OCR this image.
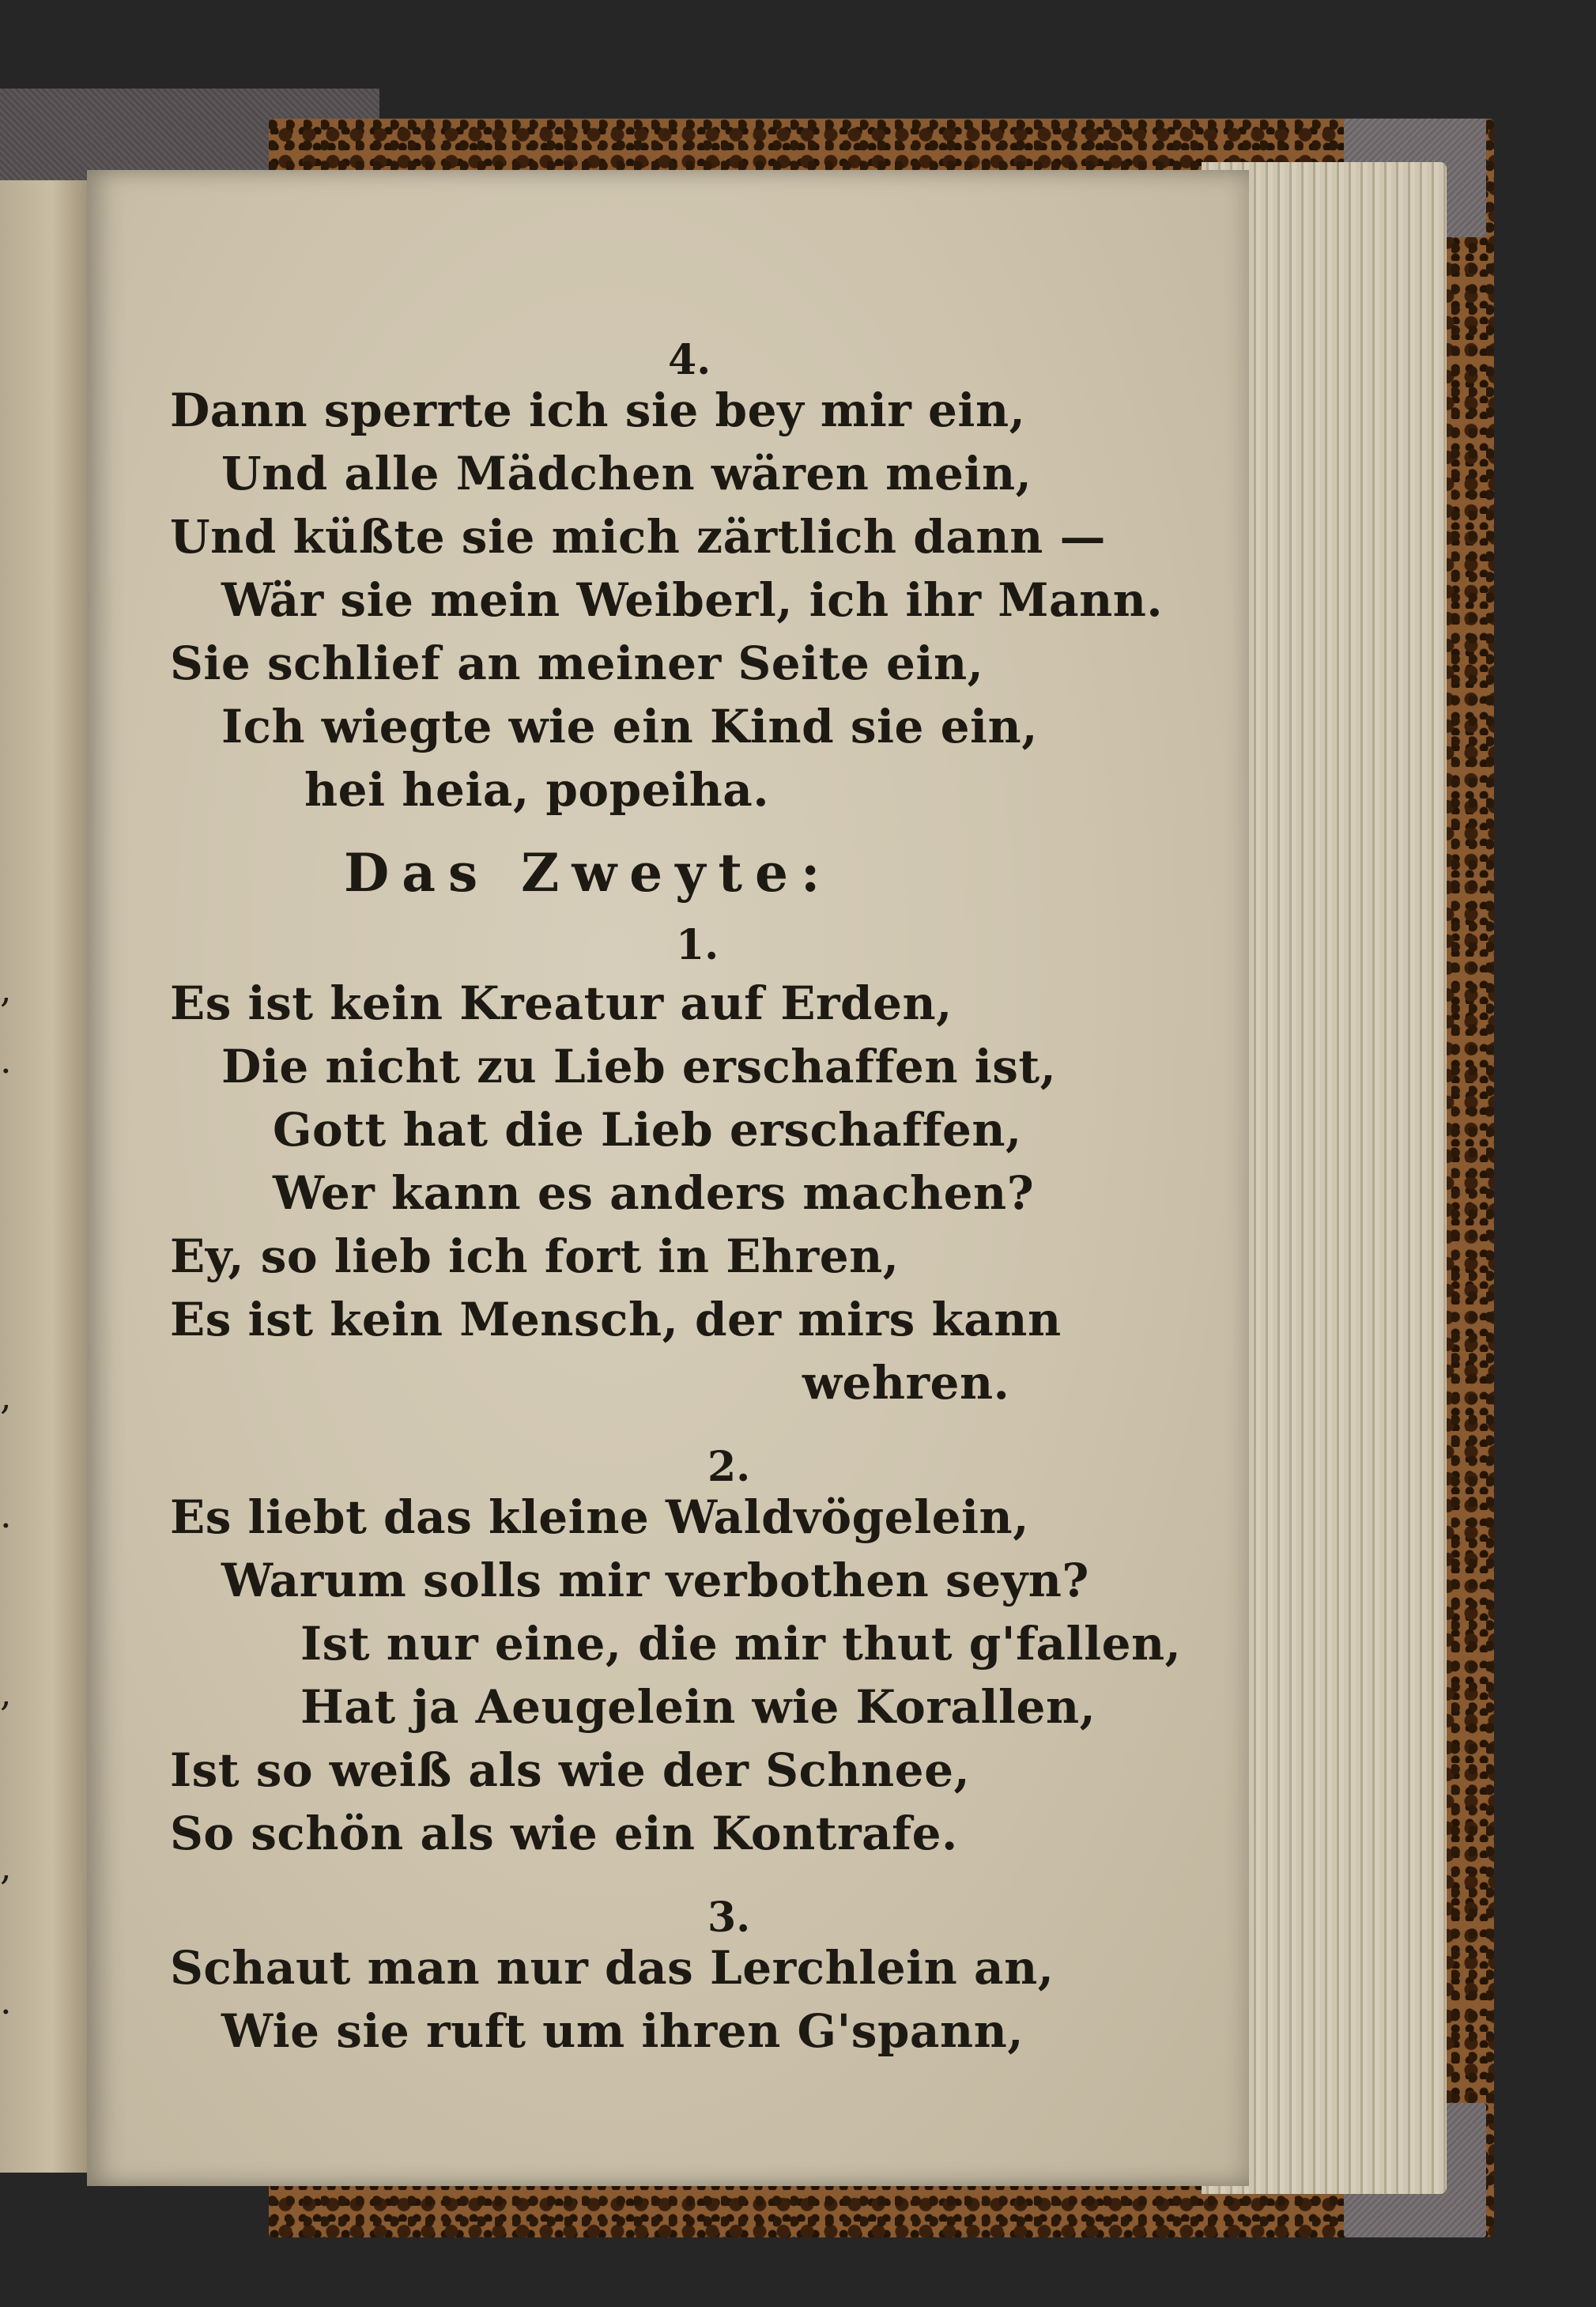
,
.
,
.
,
,
.
4.
Dann sperrte ich sie bey mir ein,
Und alle Mädchen wären mein,
Und küßte sie mich zärtlich dann —
Wär sie mein Weiberl, ich ihr Mann.
Sie schlief an meiner Seite ein,
Ich wiegte wie ein Kind sie ein,
hei heia, popeiha.
Das Zweyte:
1.
Es ist kein Kreatur auf Erden,
Die nicht zu Lieb erschaffen ist,
Gott hat die Lieb erschaffen,
Wer kann es anders machen?
Ey, so lieb ich fort in Ehren,
Es ist kein Mensch, der mirs kann
wehren.
2.
Es liebt das kleine Waldvögelein,
Warum solls mir verbothen seyn?
Ist nur eine, die mir thut g'fallen,
Hat ja Aeugelein wie Korallen,
Ist so weiß als wie der Schnee,
So schön als wie ein Kontrafe.
3.
Schaut man nur das Lerchlein an,
Wie sie ruft um ihren G'spann,
